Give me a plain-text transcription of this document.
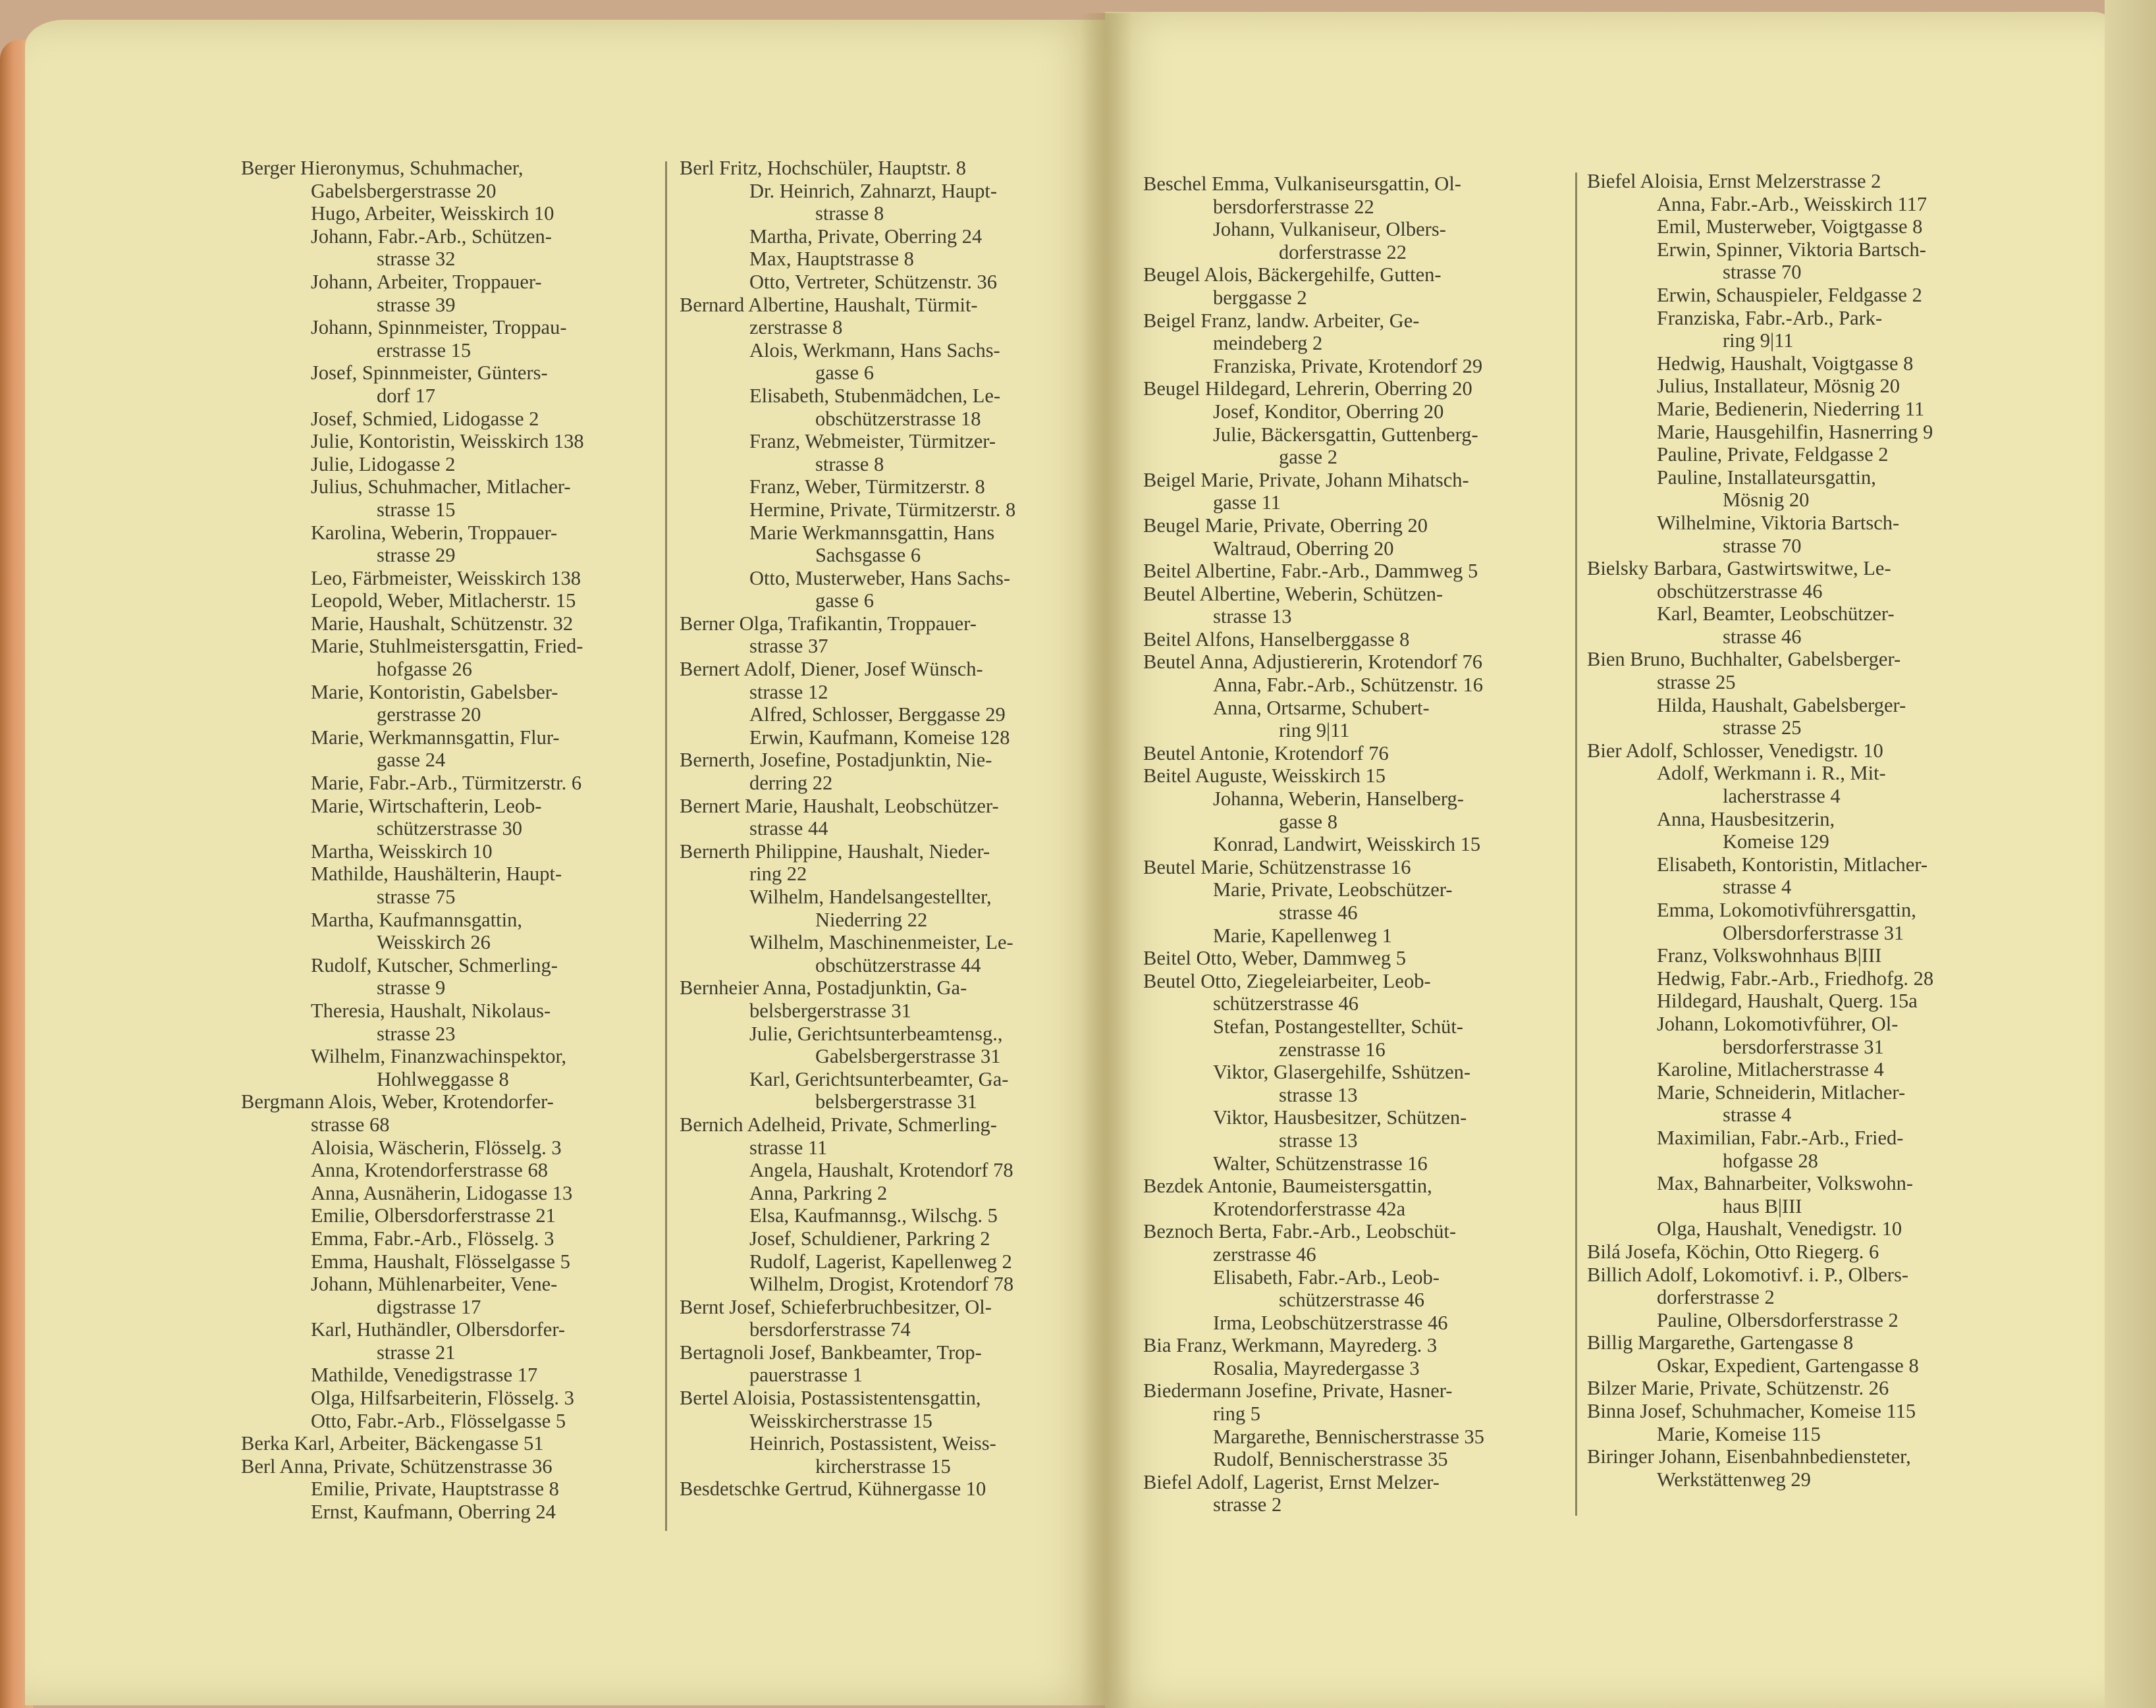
Berger Hieronymus, Schuhmacher,
Gabelsbergerstrasse 20
Hugo, Arbeiter, Weisskirch 10
Johann, Fabr.-Arb., Schützen-
strasse 32
Johann, Arbeiter, Troppauer-
strasse 39
Johann, Spinnmeister, Troppau-
erstrasse 15
Josef, Spinnmeister, Günters-
dorf 17
Josef, Schmied, Lidogasse 2
Julie, Kontoristin, Weisskirch 138
Julie, Lidogasse 2
Julius, Schuhmacher, Mitlacher-
strasse 15
Karolina, Weberin, Troppauer-
strasse 29
Leo, Färbmeister, Weisskirch 138
Leopold, Weber, Mitlacherstr. 15
Marie, Haushalt, Schützenstr. 32
Marie, Stuhlmeistersgattin, Fried-
hofgasse 26
Marie, Kontoristin, Gabelsber-
gerstrasse 20
Marie, Werkmannsgattin, Flur-
gasse 24
Marie, Fabr.-Arb., Türmitzerstr. 6
Marie, Wirtschafterin, Leob-
schützerstrasse 30
Martha, Weisskirch 10
Mathilde, Haushälterin, Haupt-
strasse 75
Martha, Kaufmannsgattin,
Weisskirch 26
Rudolf, Kutscher, Schmerling-
strasse 9
Theresia, Haushalt, Nikolaus-
strasse 23
Wilhelm, Finanzwachinspektor,
Hohlweggasse 8
Bergmann Alois, Weber, Krotendorfer-
strasse 68
Aloisia, Wäscherin, Flösselg. 3
Anna, Krotendorferstrasse 68
Anna, Ausnäherin, Lidogasse 13
Emilie, Olbersdorferstrasse 21
Emma, Fabr.-Arb., Flösselg. 3
Emma, Haushalt, Flösselgasse 5
Johann, Mühlenarbeiter, Vene-
digstrasse 17
Karl, Huthändler, Olbersdorfer-
strasse 21
Mathilde, Venedigstrasse 17
Olga, Hilfsarbeiterin, Flösselg. 3
Otto, Fabr.-Arb., Flösselgasse 5
Berka Karl, Arbeiter, Bäckengasse 51
Berl Anna, Private, Schützenstrasse 36
Emilie, Private, Hauptstrasse 8
Ernst, Kaufmann, Oberring 24
Berl Fritz, Hochschüler, Hauptstr. 8
Dr. Heinrich, Zahnarzt, Haupt-
strasse 8
Martha, Private, Oberring 24
Max, Hauptstrasse 8
Otto, Vertreter, Schützenstr. 36
Bernard Albertine, Haushalt, Türmit-
zerstrasse 8
Alois, Werkmann, Hans Sachs-
gasse 6
Elisabeth, Stubenmädchen, Le-
obschützerstrasse 18
Franz, Webmeister, Türmitzer-
strasse 8
Franz, Weber, Türmitzerstr. 8
Hermine, Private, Türmitzerstr. 8
Marie Werkmannsgattin, Hans
Sachsgasse 6
Otto, Musterweber, Hans Sachs-
gasse 6
Berner Olga, Trafikantin, Troppauer-
strasse 37
Bernert Adolf, Diener, Josef Wünsch-
strasse 12
Alfred, Schlosser, Berggasse 29
Erwin, Kaufmann, Komeise 128
Bernerth, Josefine, Postadjunktin, Nie-
derring 22
Bernert Marie, Haushalt, Leobschützer-
strasse 44
Bernerth Philippine, Haushalt, Nieder-
ring 22
Wilhelm, Handelsangestellter,
Niederring 22
Wilhelm, Maschinenmeister, Le-
obschützerstrasse 44
Bernheier Anna, Postadjunktin, Ga-
belsbergerstrasse 31
Julie, Gerichtsunterbeamtensg.,
Gabelsbergerstrasse 31
Karl, Gerichtsunterbeamter, Ga-
belsbergerstrasse 31
Bernich Adelheid, Private, Schmerling-
strasse 11
Angela, Haushalt, Krotendorf 78
Anna, Parkring 2
Elsa, Kaufmannsg., Wilschg. 5
Josef, Schuldiener, Parkring 2
Rudolf, Lagerist, Kapellenweg 2
Wilhelm, Drogist, Krotendorf 78
Bernt Josef, Schieferbruchbesitzer, Ol-
bersdorferstrasse 74
Bertagnoli Josef, Bankbeamter, Trop-
pauerstrasse 1
Bertel Aloisia, Postassistentensgattin,
Weisskircherstrasse 15
Heinrich, Postassistent, Weiss-
kircherstrasse 15
Besdetschke Gertrud, Kühnergasse 10
Beschel Emma, Vulkaniseursgattin, Ol-
bersdorferstrasse 22
Johann, Vulkaniseur, Olbers-
dorferstrasse 22
Beugel Alois, Bäckergehilfe, Gutten-
berggasse 2
Beigel Franz, landw. Arbeiter, Ge-
meindeberg 2
Franziska, Private, Krotendorf 29
Beugel Hildegard, Lehrerin, Oberring 20
Josef, Konditor, Oberring 20
Julie, Bäckersgattin, Guttenberg-
gasse 2
Beigel Marie, Private, Johann Mihatsch-
gasse 11
Beugel Marie, Private, Oberring 20
Waltraud, Oberring 20
Beitel Albertine, Fabr.-Arb., Dammweg 5
Beutel Albertine, Weberin, Schützen-
strasse 13
Beitel Alfons, Hanselberggasse 8
Beutel Anna, Adjustiererin, Krotendorf 76
Anna, Fabr.-Arb., Schützenstr. 16
Anna, Ortsarme, Schubert-
ring 9|11
Beutel Antonie, Krotendorf 76
Beitel Auguste, Weisskirch 15
Johanna, Weberin, Hanselberg-
gasse 8
Konrad, Landwirt, Weisskirch 15
Beutel Marie, Schützenstrasse 16
Marie, Private, Leobschützer-
strasse 46
Marie, Kapellenweg 1
Beitel Otto, Weber, Dammweg 5
Beutel Otto, Ziegeleiarbeiter, Leob-
schützerstrasse 46
Stefan, Postangestellter, Schüt-
zenstrasse 16
Viktor, Glasergehilfe, Sshützen-
strasse 13
Viktor, Hausbesitzer, Schützen-
strasse 13
Walter, Schützenstrasse 16
Bezdek Antonie, Baumeistersgattin,
Krotendorferstrasse 42a
Beznoch Berta, Fabr.-Arb., Leobschüt-
zerstrasse 46
Elisabeth, Fabr.-Arb., Leob-
schützerstrasse 46
Irma, Leobschützerstrasse 46
Bia Franz, Werkmann, Mayrederg. 3
Rosalia, Mayredergasse 3
Biedermann Josefine, Private, Hasner-
ring 5
Margarethe, Bennischerstrasse 35
Rudolf, Bennischerstrasse 35
Biefel Adolf, Lagerist, Ernst Melzer-
strasse 2
Biefel Aloisia, Ernst Melzerstrasse 2
Anna, Fabr.-Arb., Weisskirch 117
Emil, Musterweber, Voigtgasse 8
Erwin, Spinner, Viktoria Bartsch-
strasse 70
Erwin, Schauspieler, Feldgasse 2
Franziska, Fabr.-Arb., Park-
ring 9|11
Hedwig, Haushalt, Voigtgasse 8
Julius, Installateur, Mösnig 20
Marie, Bedienerin, Niederring 11
Marie, Hausgehilfin, Hasnerring 9
Pauline, Private, Feldgasse 2
Pauline, Installateursgattin,
Mösnig 20
Wilhelmine, Viktoria Bartsch-
strasse 70
Bielsky Barbara, Gastwirtswitwe, Le-
obschützerstrasse 46
Karl, Beamter, Leobschützer-
strasse 46
Bien Bruno, Buchhalter, Gabelsberger-
strasse 25
Hilda, Haushalt, Gabelsberger-
strasse 25
Bier Adolf, Schlosser, Venedigstr. 10
Adolf, Werkmann i. R., Mit-
lacherstrasse 4
Anna, Hausbesitzerin,
Komeise 129
Elisabeth, Kontoristin, Mitlacher-
strasse 4
Emma, Lokomotivführersgattin,
Olbersdorferstrasse 31
Franz, Volkswohnhaus B|III
Hedwig, Fabr.-Arb., Friedhofg. 28
Hildegard, Haushalt, Querg. 15a
Johann, Lokomotivführer, Ol-
bersdorferstrasse 31
Karoline, Mitlacherstrasse 4
Marie, Schneiderin, Mitlacher-
strasse 4
Maximilian, Fabr.-Arb., Fried-
hofgasse 28
Max, Bahnarbeiter, Volkswohn-
haus B|III
Olga, Haushalt, Venedigstr. 10
Bilá Josefa, Köchin, Otto Riegerg. 6
Billich Adolf, Lokomotivf. i. P., Olbers-
dorferstrasse 2
Pauline, Olbersdorferstrasse 2
Billig Margarethe, Gartengasse 8
Oskar, Expedient, Gartengasse 8
Bilzer Marie, Private, Schützenstr. 26
Binna Josef, Schuhmacher, Komeise 115
Marie, Komeise 115
Biringer Johann, Eisenbahnbediensteter,
Werkstättenweg 29
